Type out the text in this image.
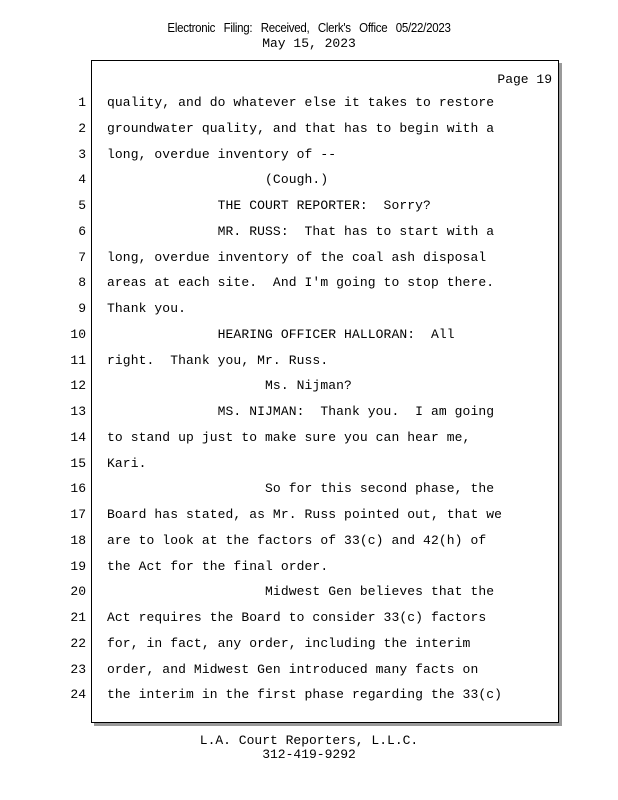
Electronic Filing: Received, Clerk's Office 05/22/2023
May 15, 2023
Page 19
1 quality, and do whatever else it takes to restore
2 groundwater quality, and that has to begin with a
3 long, overdue inventory of --
4 (Cough.)
5 THE COURT REPORTER:  Sorry?
6 MR. RUSS:  That has to start with a
7 long, overdue inventory of the coal ash disposal
8 areas at each site.  And I'm going to stop there.
9 Thank you.
10 HEARING OFFICER HALLORAN:  All
11 right.  Thank you, Mr. Russ.
12 Ms. Nijman?
13 MS. NIJMAN:  Thank you.  I am going
14 to stand up just to make sure you can hear me,
15 Kari.
16 So for this second phase, the
17 Board has stated, as Mr. Russ pointed out, that we
18 are to look at the factors of 33(c) and 42(h) of
19 the Act for the final order.
20 Midwest Gen believes that the
21 Act requires the Board to consider 33(c) factors
22 for, in fact, any order, including the interim
23 order, and Midwest Gen introduced many facts on
24 the interim in the first phase regarding the 33(c)
L.A. Court Reporters, L.L.C.
312-419-9292
